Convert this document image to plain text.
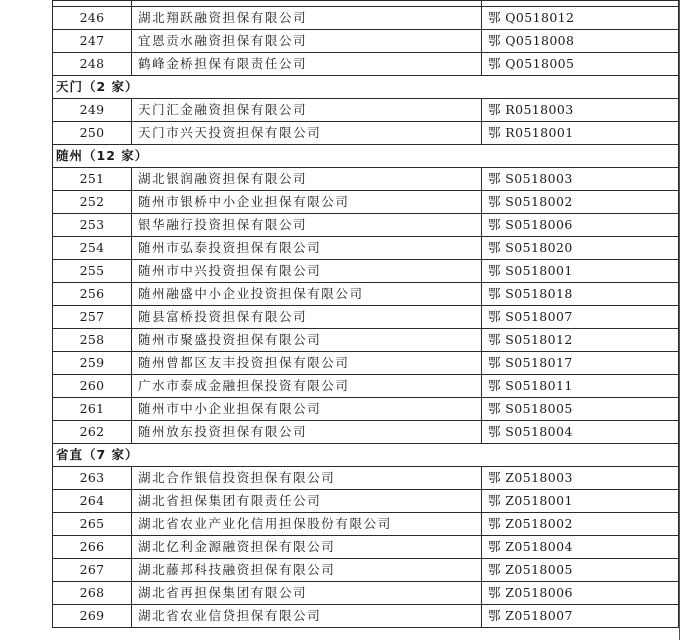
246	湖北翔跃融资担保有限公司	鄂 Q0518012
247	宜恩贡水融资担保有限公司	鄂 Q0518008
248	鹤峰金桥担保有限责任公司	鄂 Q0518005
天门（2 家）		
249	天门汇金融资担保有限公司	鄂 R0518003
250	天门市兴天投资担保有限公司	鄂 R0518001
随州（12 家）		
251	湖北银润融资担保有限公司	鄂 S0518003
252	随州市银桥中小企业担保有限公司	鄂 S0518002
253	银华融行投资担保有限公司	鄂 S0518006
254	随州市弘泰投资担保有限公司	鄂 S0518020
255	随州市中兴投资担保有限公司	鄂 S0518001
256	随州融盛中小企业投资担保有限公司	鄂 S0518018
257	随县富桥投资担保有限公司	鄂 S0518007
258	随州市聚盛投资担保有限公司	鄂 S0518012
259	随州曾都区友丰投资担保有限公司	鄂 S0518017
260	广水市泰成金融担保投资有限公司	鄂 S0518011
261	随州市中小企业担保有限公司	鄂 S0518005
262	随州放东投资担保有限公司	鄂 S0518004
省直（7 家）		
263	湖北合作银信投资担保有限公司	鄂 Z0518003
264	湖北省担保集团有限责任公司	鄂 Z0518001
265	湖北省农业产业化信用担保股份有限公司	鄂 Z0518002
266	湖北亿利金源融资担保有限公司	鄂 Z0518004
267	湖北藤邦科技融资担保有限公司	鄂 Z0518005
268	湖北省再担保集团有限公司	鄂 Z0518006
269	湖北省农业信贷担保有限公司	鄂 Z0518007
